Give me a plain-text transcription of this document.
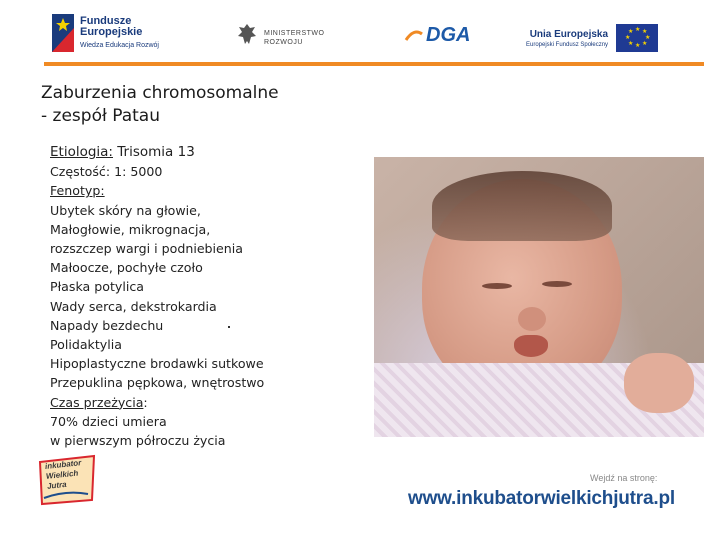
Fundusze
Europejskie
Wiedza Edukacja Rozwój
MINISTERSTWO
ROZWOJU	DGA	Unia Europejska
Europejski Fundusz Społeczny
★ ★
★
★
★
★
★
★
Zaburzenia chromosomalne
- zespół Patau
Etiologia: Trisomia 13
Częstość: 1: 5000
Fenotyp:
Ubytek skóry na głowie,
Małogłowie, mikrognacja,
rozszczep wargi i podniebienia
Małoocze, pochyłe czoło
Płaska potylica
Wady serca, dekstrokardia
Napady bezdechu
Polidaktylia
Hipoplastyczne brodawki sutkowe
Przepuklina pępkowa, wnętrostwo
Czas przeżycia:
70% dzieci umiera
w pierwszym półroczu życia
inkubator
Wielkich
Jutra
Wejdź na stronę:
www.inkubatorwielkichjutra.pl
